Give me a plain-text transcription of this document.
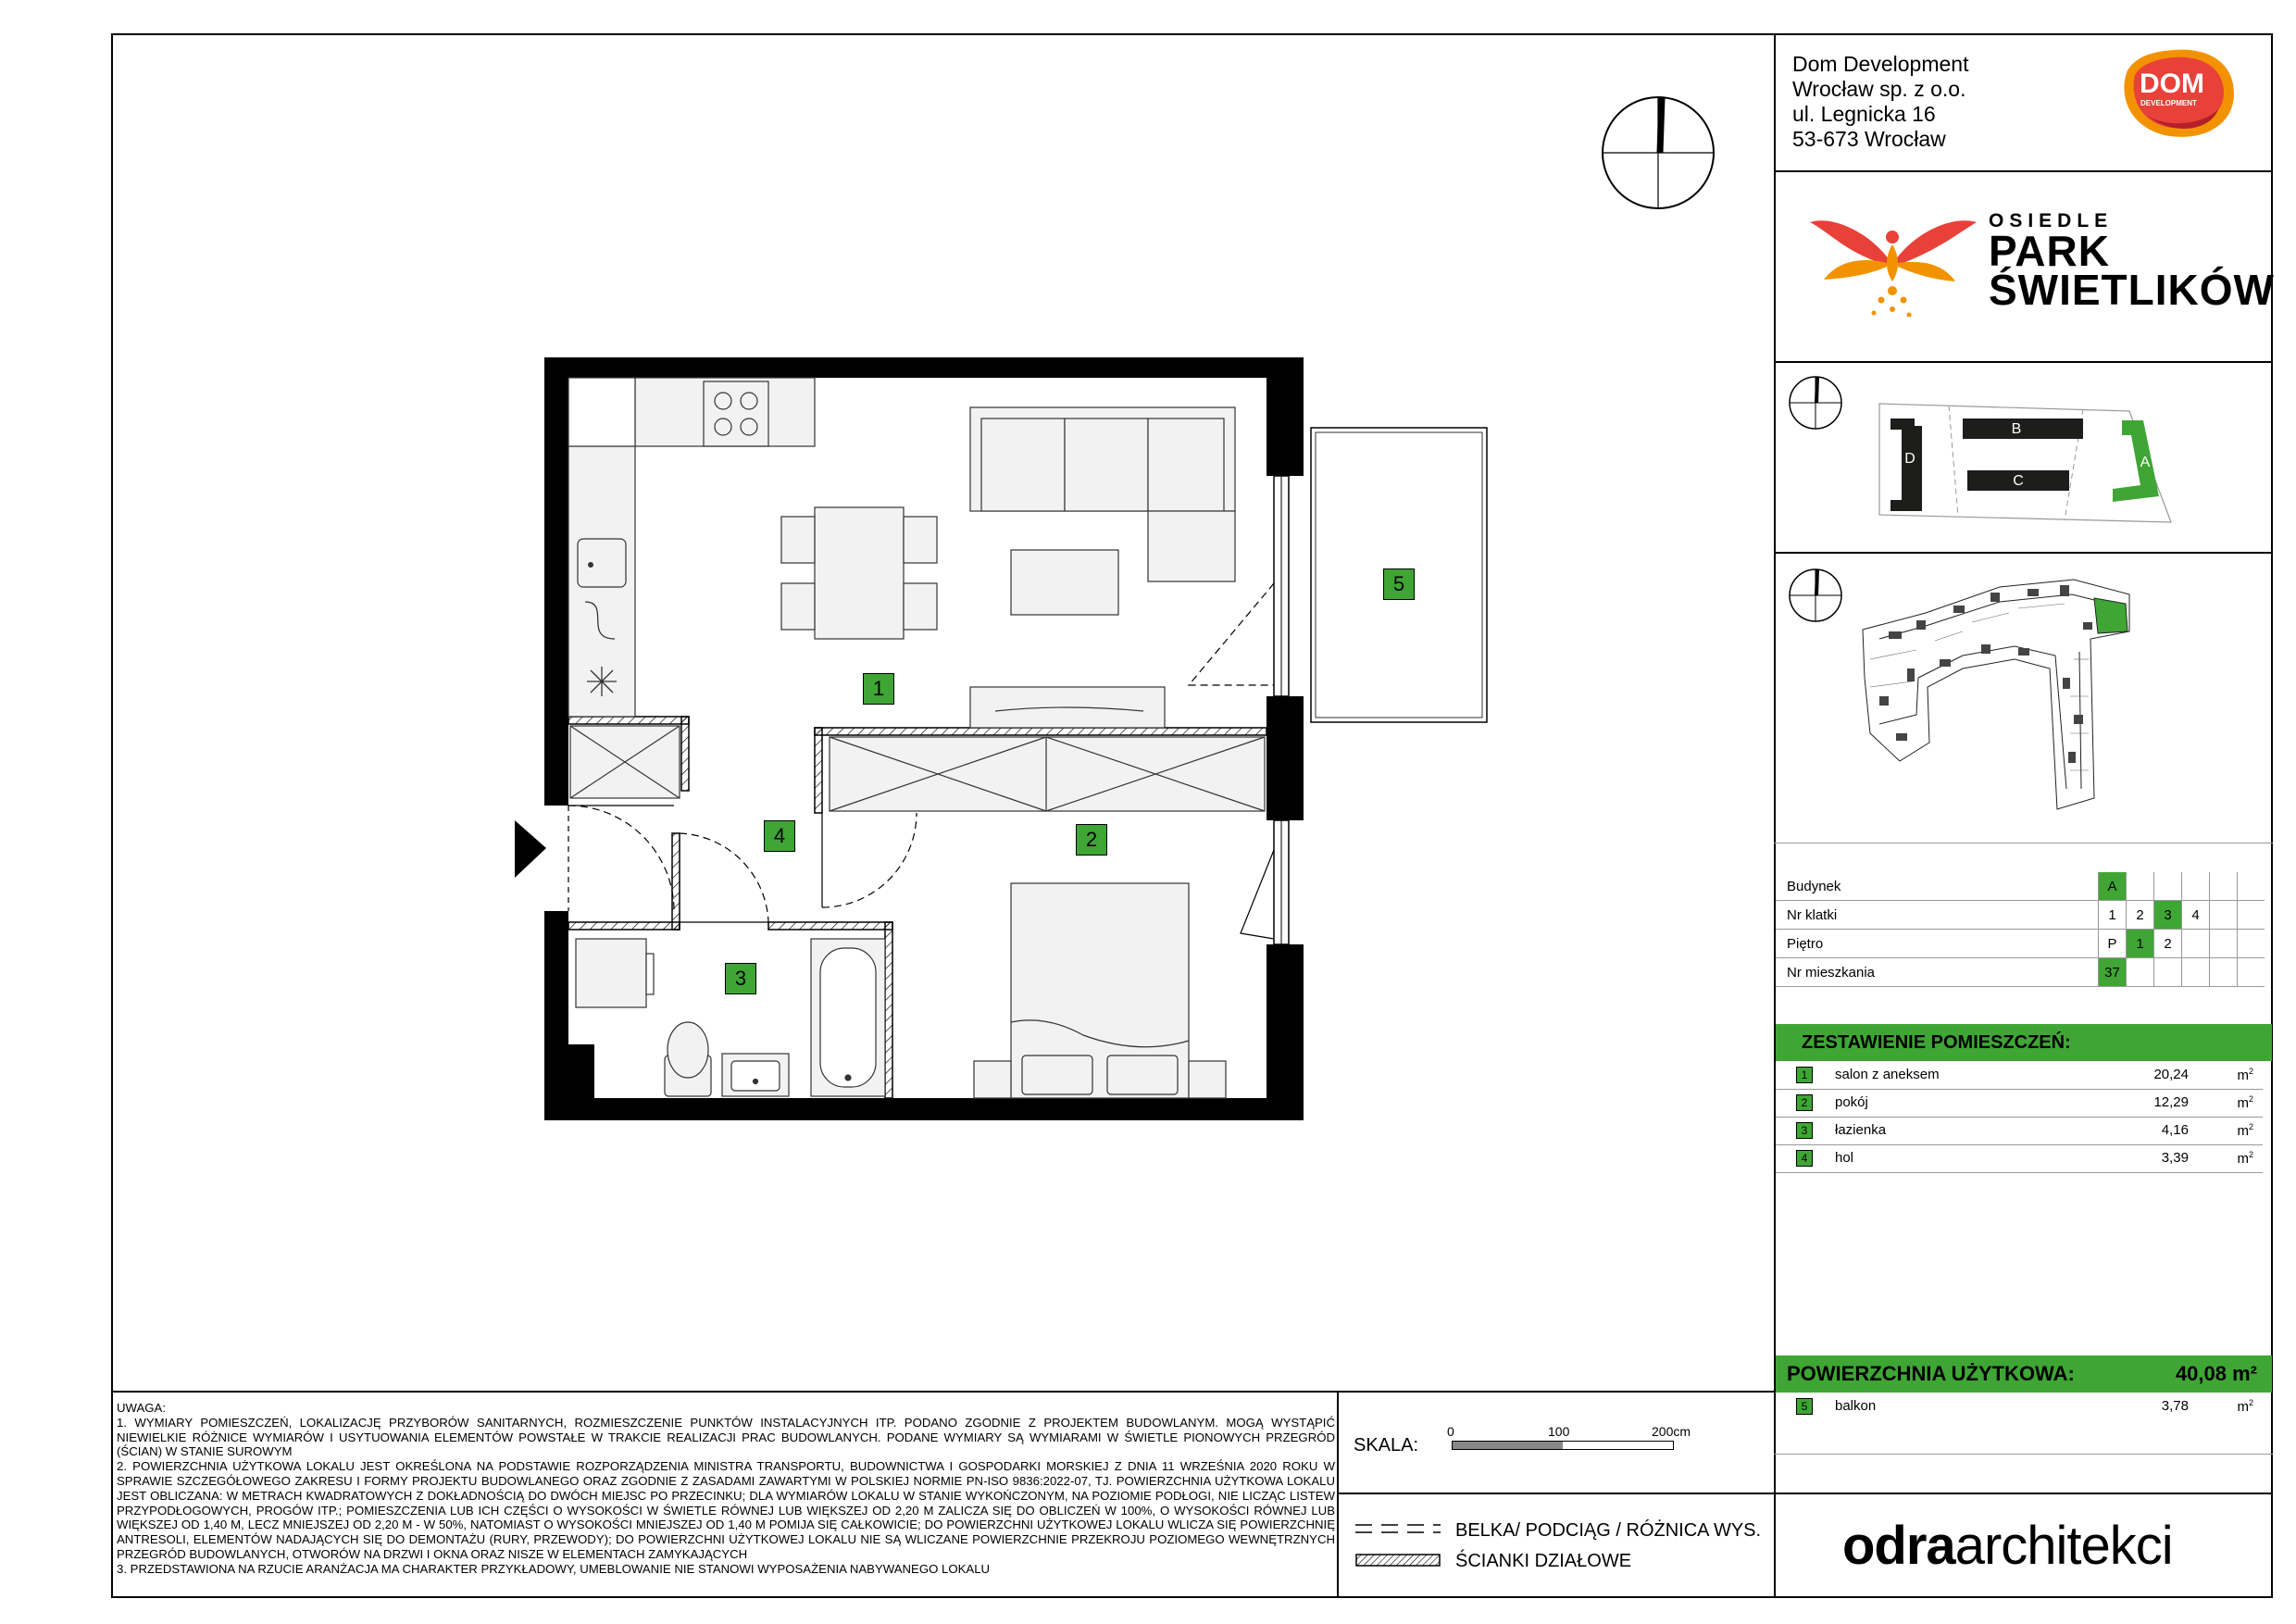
Dom Development
Wrocław sp. z o.o.
ul. Legnicka 16
53-673 Wrocław
DOM
DEVELOPMENT
OSIEDLE
PARK
ŚWIETLIKÓW
B
C
D	A
Budynek	A					
Nr klatki	1	2	3	4		
Piętro	P	1	2			
Nr mieszkania	37					
ZESTAWIENIE POMIESZCZEŃ:
1	salon z aneksem	20,24	$m^2$
2	pokój	12,29	$m^2$
3	łazienka	4,16	$m^2$
4	hol	3,39	$m^2$
POWIERZCHNIA UŻYTKOWA:	40,08 m²
5	balkon	3,78	$m^2$

UWAGA:

1. WYMIARY POMIESZCZEŃ, LOKALIZACJĘ PRZYBORÓW SANITARNYCH, ROZMIESZCZENIE PUNKTÓW INSTALACYJNYCH ITP. PODANO ZGODNIE Z PROJEKTEM BUDOWLANYM. MOGĄ WYSTĄPIĆ NIEWIELKIE RÓŻNICE WYMIARÓW I USYTUOWANIA ELEMENTÓW POWSTAŁE W TRAKCIE REALIZACJI PRAC BUDOWLANYCH. PODANE WYMIARY SĄ WYMIARAMI W ŚWIETLE PIONOWYCH PRZEGRÓD (ŚCIAN) W STANIE SUROWYM

2. POWIERZCHNIA UŻYTKOWA LOKALU JEST OKREŚLONA NA PODSTAWIE ROZPORZĄDZENIA MINISTRA TRANSPORTU, BUDOWNICTWA I GOSPODARKI MORSKIEJ Z DNIA 11 WRZEŚNIA 2020 ROKU W SPRAWIE SZCZEGÓŁOWEGO ZAKRESU I FORMY PROJEKTU BUDOWLANEGO ORAZ ZGODNIE Z ZASADAMI ZAWARTYMI W POLSKIEJ NORMIE PN-ISO 9836:2022-07, TJ. POWIERZCHNIA UŻYTKOWA LOKALU JEST OBLICZANA: W METRACH KWADRATOWYCH Z DOKŁADNOŚCIĄ DO DWÓCH MIEJSC PO PRZECINKU; DLA WYMIARÓW LOKALU W STANIE WYKOŃCZONYM, NA POZIOMIE PODŁOGI, NIE LICZĄC LISTEW PRZYPODŁOGOWYCH, PROGÓW ITP.; POMIESZCZENIA LUB ICH CZĘŚCI O WYSOKOŚCI W ŚWIETLE RÓWNEJ LUB WIĘKSZEJ OD 2,20 M ZALICZA SIĘ DO OBLICZEŃ W 100%, O WYSOKOŚCI RÓWNEJ LUB WIĘKSZEJ OD 1,40 M, LECZ MNIEJSZEJ OD 2,20 M - W 50%, NATOMIAST O WYSOKOŚCI MNIEJSZEJ OD 1,40 M POMIJA SIĘ CAŁKOWICIE; DO POWIERZCHNI UŻYTKOWEJ LOKALU WLICZA SIĘ POWIERZCHNIĘ ANTRESOLI, ELEMENTÓW NADAJĄCYCH SIĘ DO DEMONTAŻU (RURY, PRZEWODY); DO POWIERZCHNI UŻYTKOWEJ LOKALU NIE SĄ WLICZANE POWIERZCHNIE PRZEKROJU POZIOMEGO WEWNĘTRZNYCH PRZEGRÓD BUDOWLANYCH, OTWORÓW NA DRZWI I OKNA ORAZ NISZE W ELEMENTACH ZAMYKAJĄCYCH

3. PRZEDSTAWIONA NA RZUCIE ARANŻACJA MA CHARAKTER PRZYKŁADOWY, UMEBLOWANIE NIE STANOWI WYPOSAŻENIA NABYWANEGO LOKALU

SKALA:
0	100	200cm
BELKA/ PODCIĄG / RÓŻNICA WYS.
ŚCIANKI DZIAŁOWE	odraarchitekci
1
2
3
4
5
